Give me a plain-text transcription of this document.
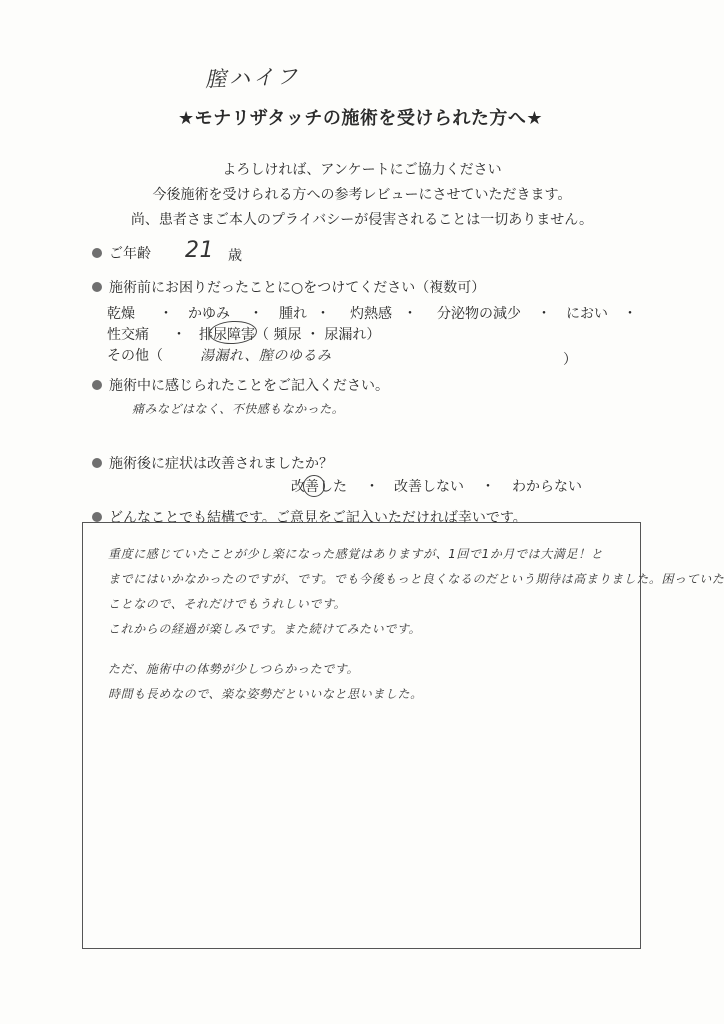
膣ハイフ
★モナリザタッチの施術を受けられた方へ★
よろしければ、アンケートにご協力ください
今後施術を受けられる方への参考レビューにさせていただきます。
尚、患者さまご本人のプライバシーが侵害されることは一切ありません。
ご年齢 21 歳
施術前にお困りだったことに○をつけてください（複数可）
乾燥 ・ かゆみ ・ 腫れ ・ 灼熱感 ・ 分泌物の減少 ・ におい ・
性交痛 ・ 排尿障害（ 頻尿 ・ 尿漏れ）
その他（	湯漏れ、膣のゆるみ	）
施術中に感じられたことをご記入ください。
痛みなどはなく、不快感もなかった。
施術後に症状は改善されましたか？
改善した ・ 改善しない ・ わからない
どんなことでも結構です。ご意見をご記入いただければ幸いです。
重度に感じていたことが少し楽になった感覚はありますが、1回で1か月では大満足！と
までにはいかなかったのですが、です。でも今後もっと良くなるのだという期待は高まりました。困っていた
ことなので、それだけでもうれしいです。
これからの経過が楽しみです。また続けてみたいです。
ただ、施術中の体勢が少しつらかったです。
時間も長めなので、楽な姿勢だといいなと思いました。
